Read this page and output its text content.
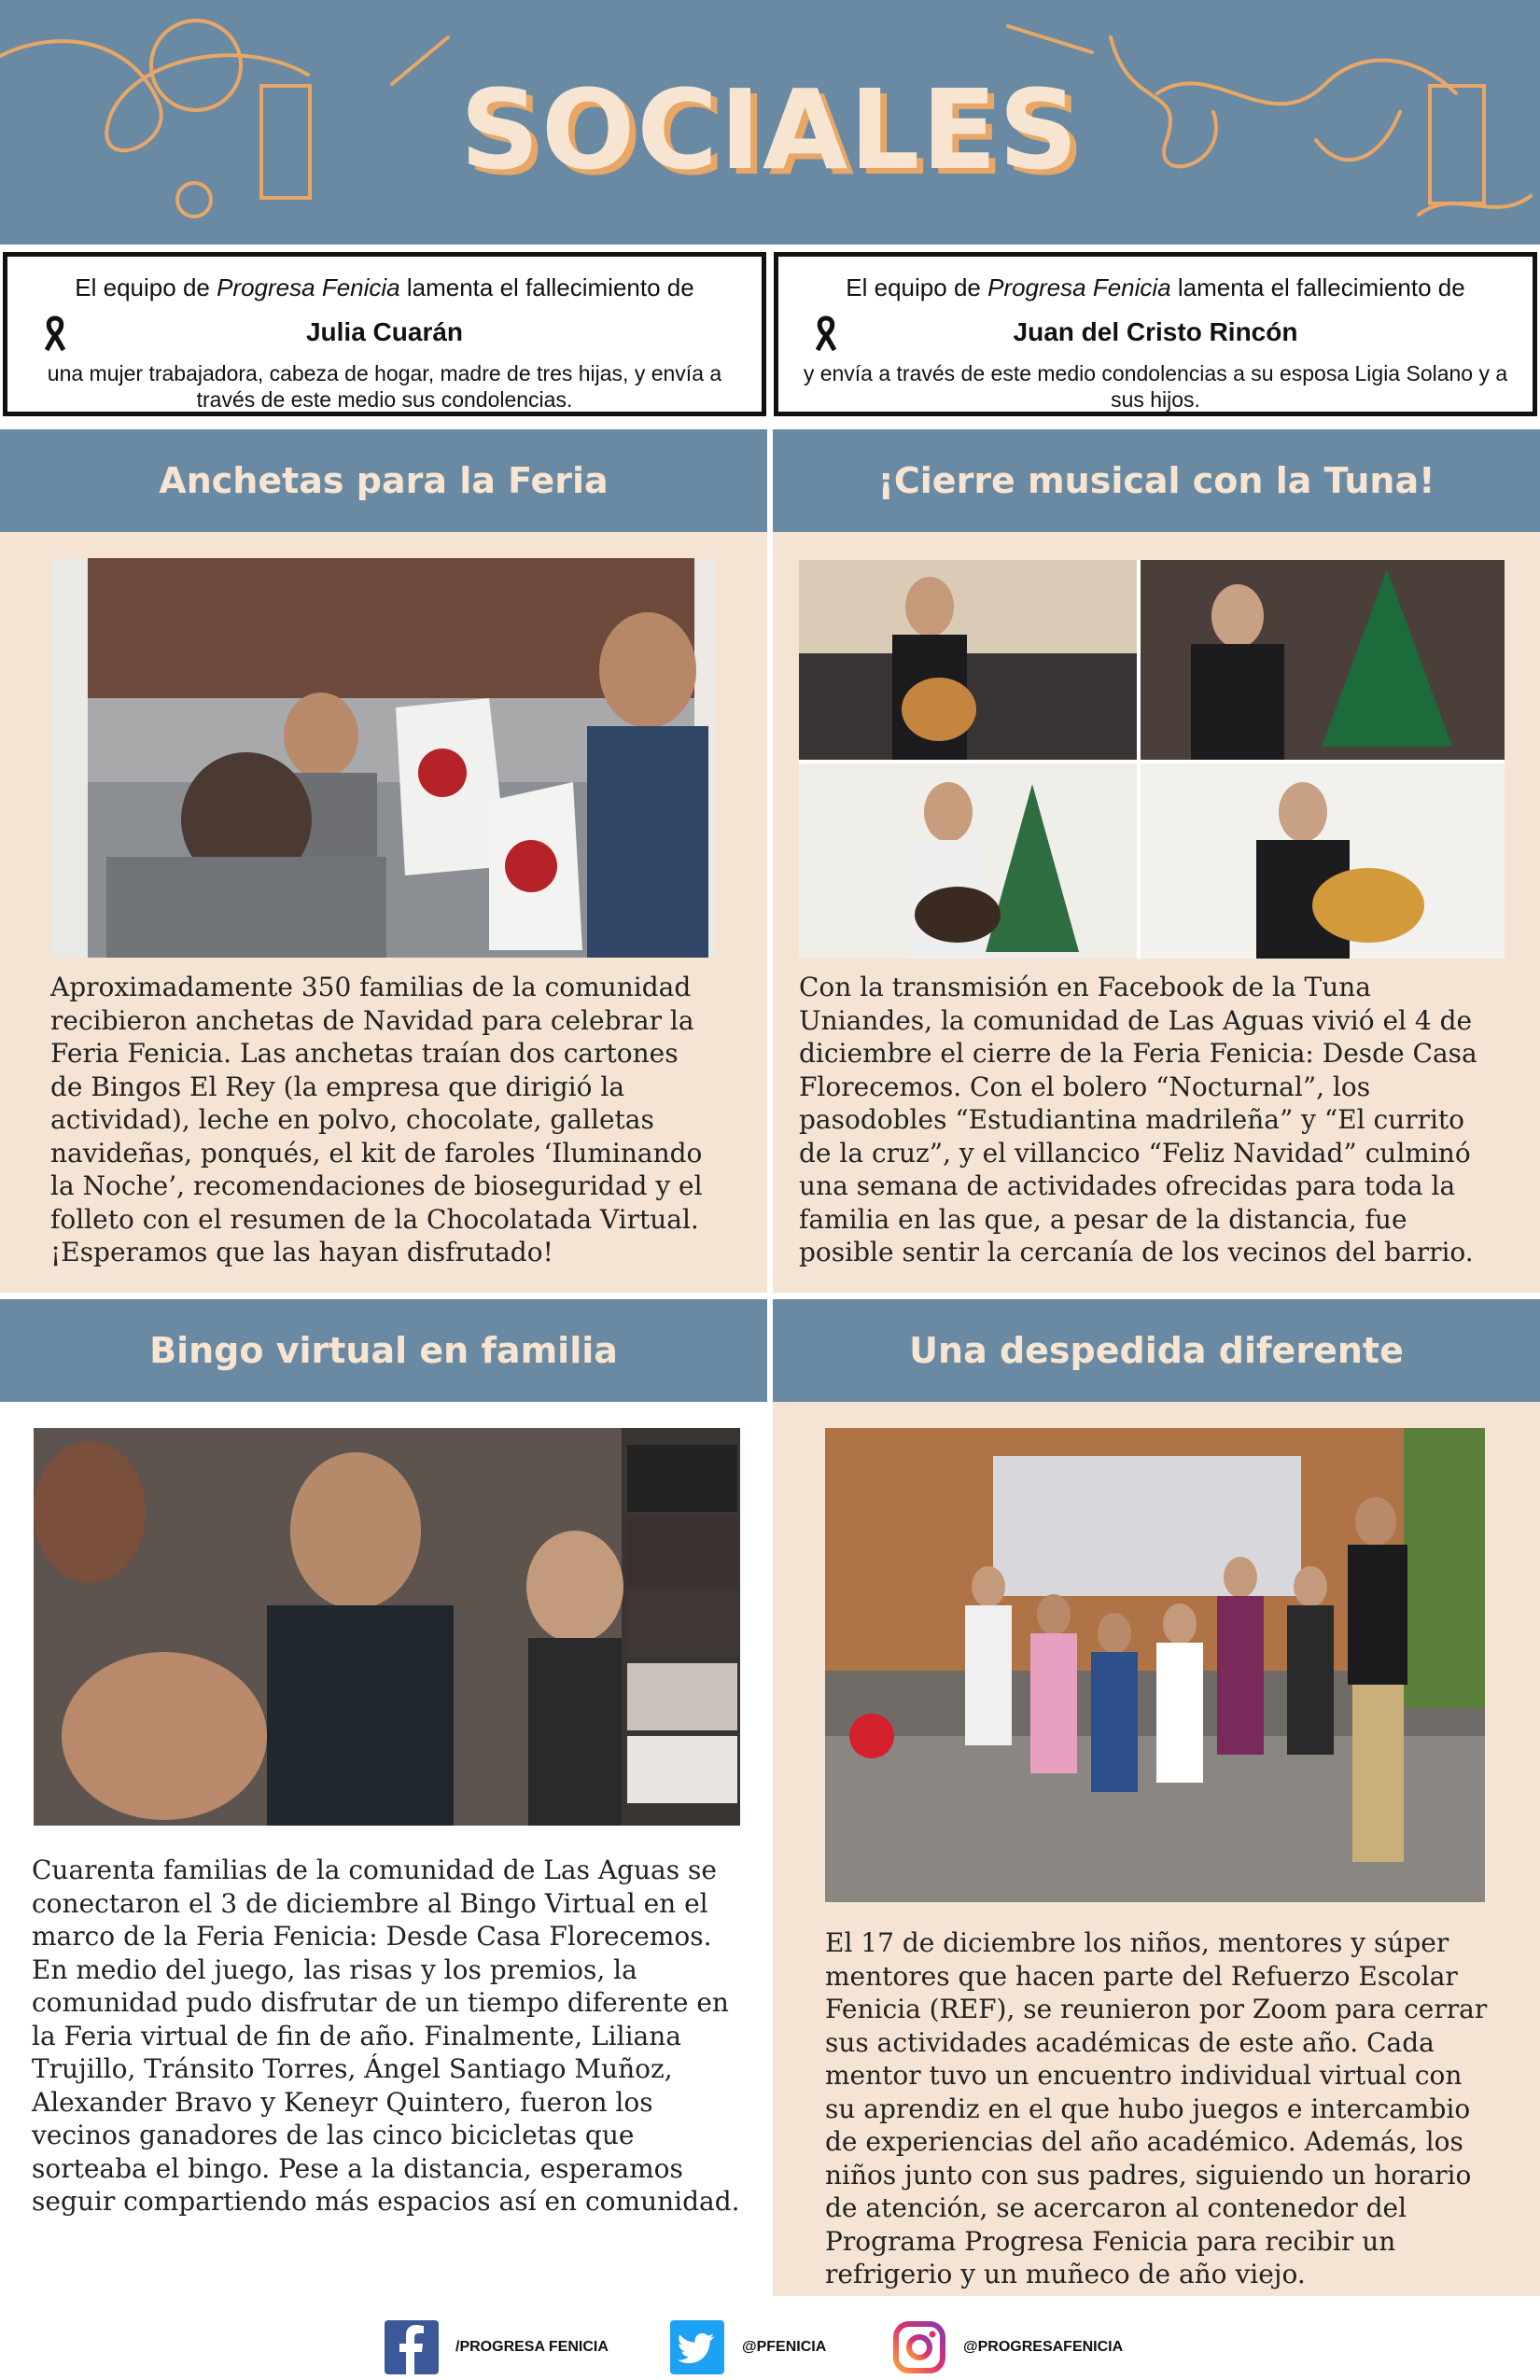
SOCIALES
El equipo de Progresa Fenicia lamenta el fallecimiento de
Julia Cuarán
una mujer trabajadora, cabeza de hogar, madre de tres hijas, y envía a través de este medio sus condolencias.
El equipo de Progresa Fenicia lamenta el fallecimiento de
Juan del Cristo Rincón
y envía a través de este medio condolencias a su esposa Ligia Solano y a sus hijos.
Anchetas para la Feria
Aproximadamente 350 familias de la comunidad recibieron anchetas de Navidad para celebrar la Feria Fenicia. Las anchetas traían dos cartones de Bingos El Rey (la empresa que dirigió la actividad), leche en polvo, chocolate, galletas navideñas, ponqués, el kit de faroles ‘Iluminando la Noche’, recomendaciones de bioseguridad y el folleto con el resumen de la Chocolatada Virtual. ¡Esperamos que las hayan disfrutado!
¡Cierre musical con la Tuna!
Con la transmisión en Facebook de la Tuna Uniandes, la comunidad de Las Aguas vivió el 4 de diciembre el cierre de la Feria Fenicia: Desde Casa Florecemos. Con el bolero “Nocturnal”, los pasodobles “Estudiantina madrileña” y “El currito de la cruz”, y el villancico “Feliz Navidad” culminó una semana de actividades ofrecidas para toda la familia en las que, a pesar de la distancia, fue posible sentir la cercanía de los vecinos del barrio.
Bingo virtual en familia
Cuarenta familias de la comunidad de Las Aguas se conectaron el 3 de diciembre al Bingo Virtual en el marco de la Feria Fenicia: Desde Casa Florecemos. En medio del juego, las risas y los premios, la comunidad pudo disfrutar de un tiempo diferente en la Feria virtual de fin de año. Finalmente, Liliana Trujillo, Tránsito Torres, Ángel Santiago Muñoz, Alexander Bravo y Keneyr Quintero, fueron los vecinos ganadores de las cinco bicicletas que sorteaba el bingo. Pese a la distancia, esperamos seguir compartiendo más espacios así en comunidad.
Una despedida diferente
El 17 de diciembre los niños, mentores y súper mentores que hacen parte del Refuerzo Escolar Fenicia (REF), se reunieron por Zoom para cerrar sus actividades académicas de este año. Cada mentor tuvo un encuentro individual virtual con su aprendiz en el que hubo juegos e intercambio de experiencias del año académico. Además, los niños junto con sus padres, siguiendo un horario de atención, se acercaron al contenedor del Programa Progresa Fenicia para recibir un refrigerio y un muñeco de año viejo.
/PROGRESA FENICIA	@PFENICIA	@PROGRESAFENICIA
